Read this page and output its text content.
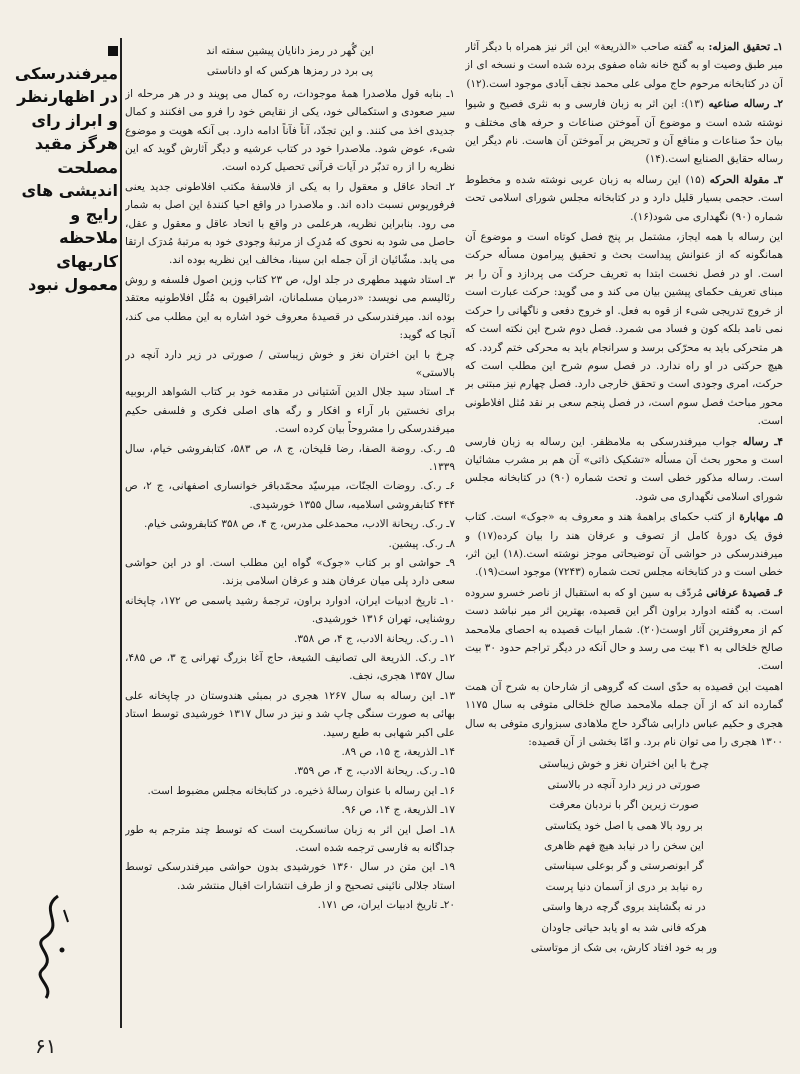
میرفندرسکی در اظهارنظر و ابراز رای هرگز مقید مصلحت اندیشی های رایج و ملاحظه کاریهای معمول نبود
این گُهر در رمز دانایان پیشین سفته اند
پی برد در رمزها هرکس که او داناستی

۱ـ بنابه قول ملاصدرا همهٔ موجودات، ره کمال می پویند و در هر مرحله از سیر صعودی و استکمالی خود، یکی از نقایص خود را فرو می افکنند و کمال جدیدی اخذ می کنند. و این تجدّد، آناً فآناً ادامه دارد. بی آنکه هویت و موضوع شیء، عوض شود. ملاصدرا خود در کتاب عرشیه و دیگر آثارش گوید که این نظریه را از ره تدبّر در آیات قرآنی تحصیل کرده است.

۲ـ اتحاد عاقل و معقول را به یکی از فلاسفهٔ مکتب افلاطونی جدید یعنی فرفوریوس نسبت داده اند. و ملاصدرا در واقع احیا کنندهٔ این اصل به شمار می رود. بنابراین نظریه، هرعلمی در واقع با اتحاد عاقل و معقول و عقل، حاصل می شود به نحوی که مُدرِک از مرتبهٔ وجودی خود به مرتبهٔ مُدرَک ارتقا می یابد. مشّائیان از آن جمله ابن سینا، مخالف این نظریه بوده اند.

۳ـ استاد شهید مطهری در جلد اول، ص ۲۳ کتاب وزین اصول فلسفه و روش رئالیسم می نویسد: «درمیان مسلمانان، اشراقیون به مُثُل افلاطونیه معتقد بوده اند. میرفندرسکی در قصیدهٔ معروف خود اشاره به این مطلب می کند، آنجا که گوید:

چرخ با این اختران نغز و خوش زیباستی / صورتی در زیر دارد آنچه در بالاستی»

۴ـ استاد سید جلال الدین آشتیانی در مقدمه خود بر کتاب الشواهد الربوبیه برای نخستین بار آراء و افکار و رگه های اصلی فکری و فلسفی حکیم میرفندرسکی را مشروحاً بیان کرده است.

۵ـ ر.ک. روضة الصفا، رضا قلیخان، ج ۸، ص ۵۸۳، کتابفروشی خیام، سال ۱۳۳۹.

۶ـ ر.ک. روضات الجنّات، میرسیّد محمّدباقر خوانساری اصفهانی، ج ۲، ص ۴۴۴ کتابفروشی اسلامیه، سال ۱۳۵۵ خورشیدی.

۷ـ ر.ک. ریحانة الادب، محمدعلی مدرس، ج ۴، ص ۳۵۸ کتابفروشی خیام.

۸ـ ر.ک. پیشین.

۹ـ حواشی او بر کتاب «جوک» گواه این مطلب است. او در این حواشی سعی دارد پلی میان عرفان هند و عرفان اسلامی بزند.

۱۰ـ تاریخ ادبیات ایران، ادوارد براون، ترجمهٔ رشید یاسمی ص ۱۷۲، چاپخانه روشنایی، تهران ۱۳۱۶ خورشیدی.

۱۱ـ ر.ک. ریحانة الادب، ج ۴، ص ۳۵۸.

۱۲ـ ر.ک. الذریعة الی تصانیف الشیعة، حاج آغا بزرگ تهرانی ج ۳، ص ۴۸۵، سال ۱۳۵۷ هجری، نجف.

۱۳ـ این رساله به سال ۱۲۶۷ هجری در بمبئی هندوستان در چاپخانه علی بهائی به صورت سنگی چاپ شد و نیز در سال ۱۳۱۷ خورشیدی توسط استاد علی اکبر شهابی به طبع رسید.

۱۴ـ الذریعة، ج ۱۵، ص ۸۹.

۱۵ـ ر.ک. ریحانة الادب، ج ۴، ص ۳۵۹.

۱۶ـ این رساله با عنوان رسالهٔ ذخیره. در کتابخانه مجلس مضبوط است.

۱۷ـ الذریعة، ج ۱۴، ص ۹۶.

۱۸ـ اصل این اثر به زبان سانسکریت است که توسط چند مترجم به طور جداگانه به فارسی ترجمه شده است.

۱۹ـ این متن در سال ۱۳۶۰ خورشیدی بدون حواشی میرفندرسکی توسط استاد جلالی نائینی تصحیح و از طرف انتشارات اقبال منتشر شد.

۲۰ـ تاریخ ادبیات ایران، ص ۱۷۱.

۱ـ تحقیق المزله: به گفته صاحب «الذریعة» این اثر نیز همراه با دیگر آثار میر طبق وصیت او به گنج خانه شاه صفوی برده شده است و نسخه ای از آن در کتابخانه مرحوم حاج مولی علی محمد نجف آبادی موجود است.(۱۲)

۲ـ رساله صناعیه (۱۳): این اثر به زبان فارسی و به نثری فصیح و شیوا نوشته شده است و موضوع آن آموختن صناعات و حرفه های مختلف و بیان حدّ صناعات و منافع آن و تحریض بر آموختن آن هاست. نام دیگر این رساله حقایق الصنایع است.(۱۴)

۳ـ مقولة الحرکه (۱۵) این رساله به زبان عربی نوشته شده و مخطوط است. حجمی بسیار قلیل دارد و در کتابخانه مجلس شورای اسلامی تحت شماره (۹۰) نگهداری می شود(۱۶).

این رساله با همه ایجاز، مشتمل بر پنج فصل کوتاه است و موضوع آن همانگونه که از عنوانش پیداست بحث و تحقیق پیرامون مسأله حرکت است. او در فصل نخست ابتدا به تعریف حرکت می پردازد و آن را بر مبنای تعریف حکمای پیشین بیان می کند و می گوید: حرکت عبارت است از خروج تدریجی شیء از قوه به فعل. او خروج دفعی و ناگهانی را حرکت نمی نامد بلکه کون و فساد می شمرد. فصل دوم شرح این نکته است که هر متحرکی باید به محرّکی برسد و سرانجام باید به محرکی ختم گردد. که هیچ حرکتی در او راه ندارد. در فصل سوم شرح این مطلب است که حرکت، امری وجودی است و تحقق خارجی دارد. فصل چهارم نیز مبتنی بر محور مباحث فصل سوم است، در فصل پنجم سعی بر نقد مُثل افلاطونی است.

۴ـ رساله جواب میرفندرسکی به ملامظفر. این رساله به زبان فارسی است و محور بحث آن مسأله «تشکیک ذاتی» آن هم بر مشرب مشائیان است. رساله مذکور خطی است و تحت شماره (۹۰) در کتابخانه مجلس شورای اسلامی نگهداری می شود.

۵ـ مهابارة از کتب حکمای براهمهٔ هند و معروف به «جوک» است. کتاب فوق یک دورهٔ کامل از تصوف و عرفان هند را بیان کرده(۱۷) و میرفندرسکی در حواشی آن توضیحاتی موجز نوشته است.(۱۸) این اثر، خطی است و در کتابخانه مجلس تحت شماره (۷۲۴۳) موجود است(۱۹).

۶ـ قصیدهٔ عرفانی مُردّف به سین او که به استقبال از ناصر خسرو سروده است. به گفته ادوارد براون اگر این قصیده، بهترین اثر میر نباشد دست کم از معروفترین آثار اوست(۲۰). شمار ابیات قصیده به احصای ملامحمد صالح خلخالی به ۴۱ بیت می رسد و حال آنکه در دیگر تراجم حدود ۳۰ بیت است.

اهمیت این قصیده به حدّی است که گروهی از شارحان به شرح آن همت گمارده اند که از آن جمله ملامحمد صالح خلخالی متوفی به سال ۱۱۷۵ هجری و حکیم عباس دارابی شاگرد حاج ملاهادی سبزواری متوفی به سال ۱۳۰۰ هجری را می توان نام برد. و امّا بخشی از آن قصیده:

چرخ با این اختران نغز و خوش زیباستی
صورتی در زیر دارد آنچه در بالاستی
صورت زیرین اگر با نردبان معرفت
بر رود بالا همی با اصل خود یکتاستی
این سخن را در نیابد هیچ فهم ظاهری
گر ابونصرستی و گر بوعلی سیناستی
ره نیابد بر دری از آسمان دنیا پرست
در نه بگشایند بروی گرچه درها واستی
هرکه فانی شد به او یابد حیاتی جاودان
ور به خود افتاد کارش، بی شک از موتاستی
۶۱
